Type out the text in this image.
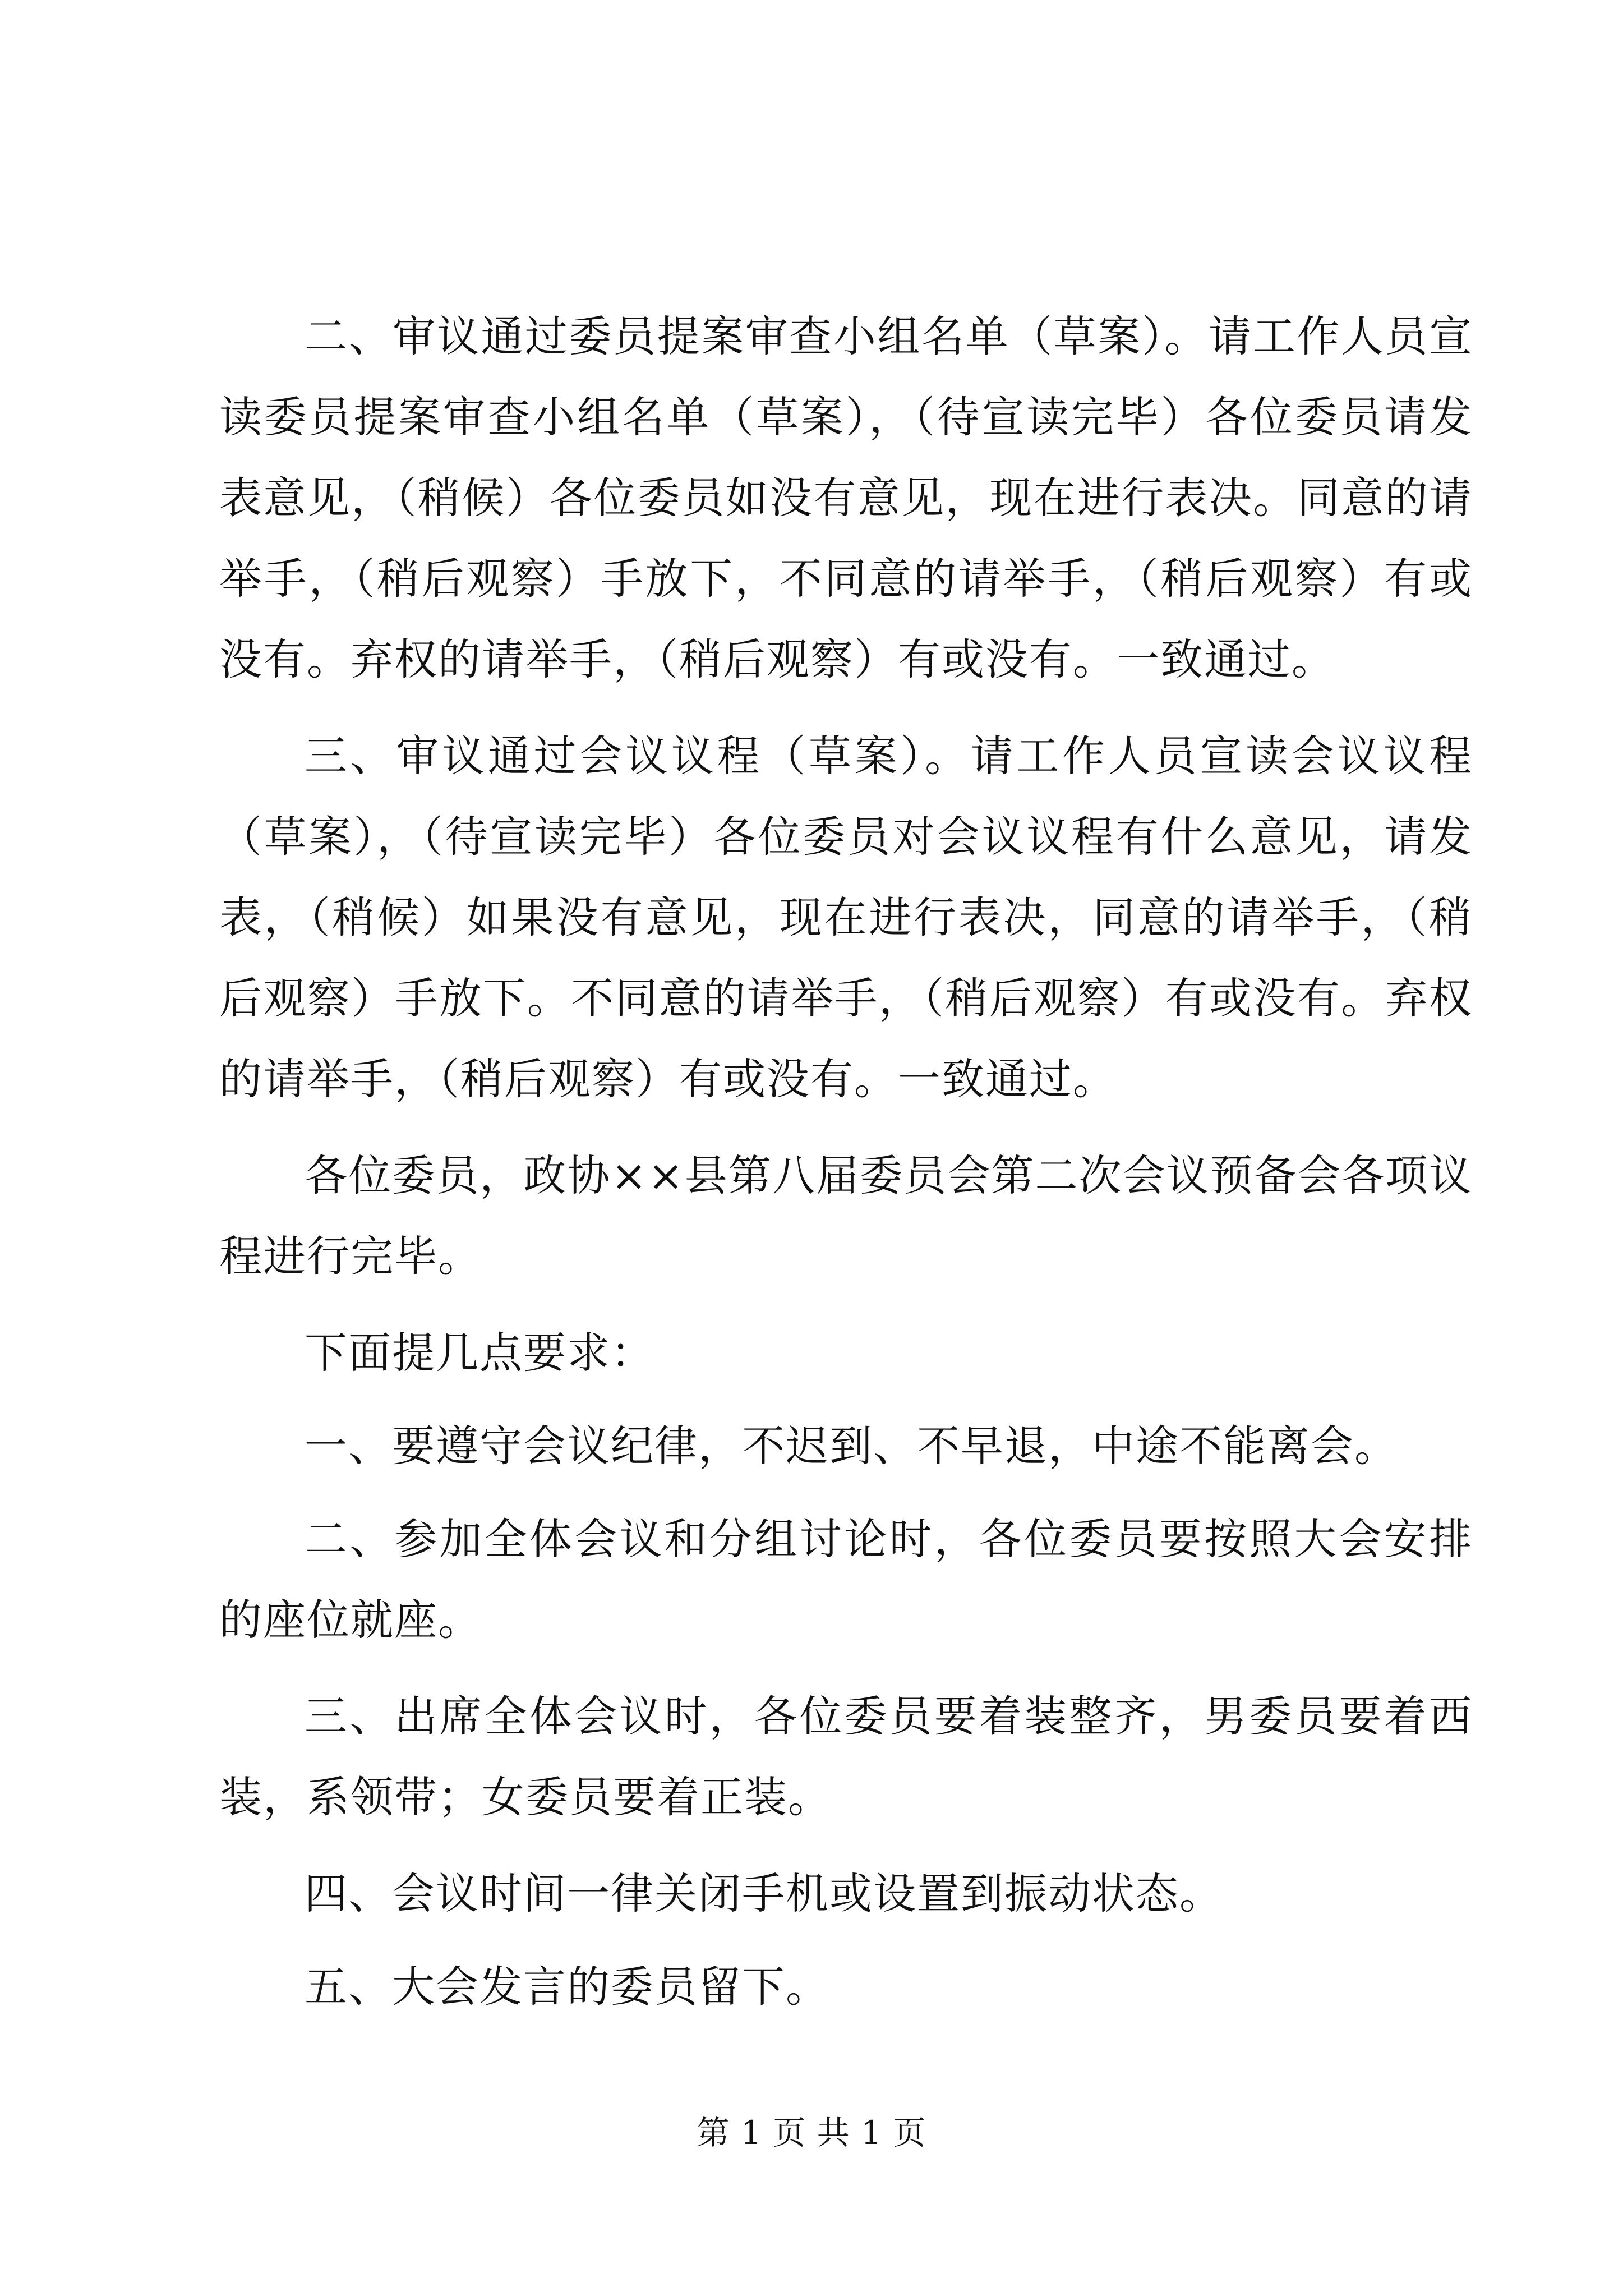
二、审议通过委员提案审查小组名单（草案）。请工作人员宣读委员提案审查小组名单（草案），（待宣读完毕）各位委员请发表意见，（稍候）各位委员如没有意见，现在进行表决。同意的请举手，（稍后观察）手放下，不同意的请举手，（稍后观察）有或没有。弃权的请举手，（稍后观察）有或没有。一致通过。

三、审议通过会议议程（草案）。请工作人员宣读会议议程（草案），（待宣读完毕）各位委员对会议议程有什么意见，请发表，（稍候）如果没有意见，现在进行表决，同意的请举手，（稍后观察）手放下。不同意的请举手，（稍后观察）有或没有。弃权的请举手，（稍后观察）有或没有。一致通过。

各位委员，政协××县第八届委员会第二次会议预备会各项议程进行完毕。

下面提几点要求：

一、要遵守会议纪律，不迟到、不早退，中途不能离会。

二、参加全体会议和分组讨论时，各位委员要按照大会安排的座位就座。

三、出席全体会议时，各位委员要着装整齐，男委员要着西装，系领带；女委员要着正装。

四、会议时间一律关闭手机或设置到振动状态。

五、大会发言的委员留下。

第 1 页 共 1 页
